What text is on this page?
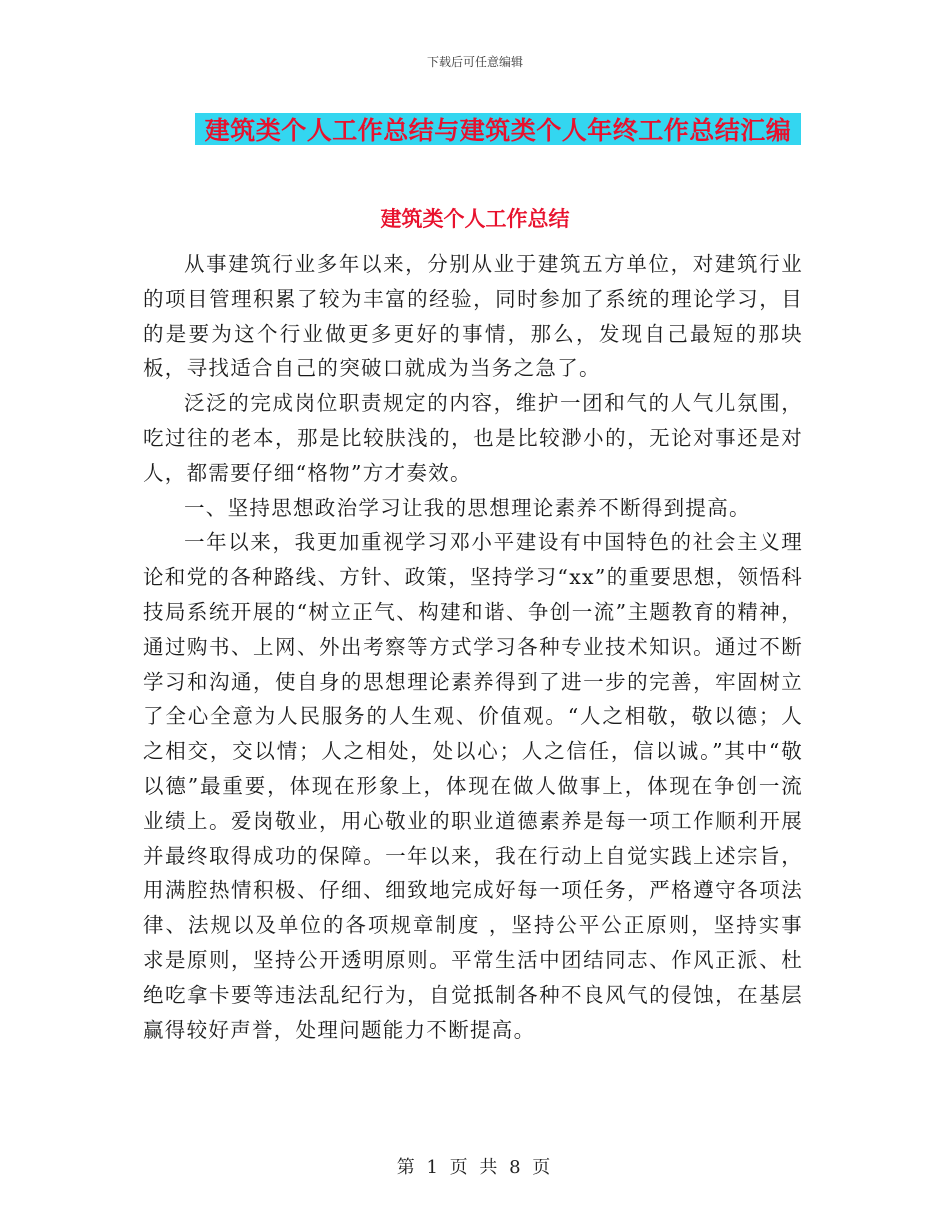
下载后可任意编辑
建筑类个人工作总结与建筑类个人年终工作总结汇编
建筑类个人工作总结

从事建筑行业多年以来，分别从业于建筑五方单位，对建筑行业的项目管理积累了较为丰富的经验，同时参加了系统的理论学习，目的是要为这个行业做更多更好的事情，那么，发现自己最短的那块板，寻找适合自己的突破口就成为当务之急了。

泛泛的完成岗位职责规定的内容，维护一团和气的人气儿氛围，吃过往的老本，那是比较肤浅的，也是比较渺小的，无论对事还是对人，都需要仔细“格物”方才奏效。

一、坚持思想政治学习让我的思想理论素养不断得到提高。

一年以来，我更加重视学习邓小平建设有中国特色的社会主义理论和党的各种路线、方针、政策，坚持学习“xx”的重要思想，领悟科技局系统开展的“树立正气、构建和谐、争创一流”主题教育的精神，通过购书、上网、外出考察等方式学习各种专业技术知识。通过不断学习和沟通，使自身的思想理论素养得到了进一步的完善，牢固树立了全心全意为人民服务的人生观、价值观。“人之相敬，敬以德；人之相交，交以情；人之相处，处以心；人之信任，信以诚。”其中“敬以德”最重要，体现在形象上，体现在做人做事上，体现在争创一流业绩上。爱岗敬业，用心敬业的职业道德素养是每一项工作顺利开展并最终取得成功的保障。一年以来，我在行动上自觉实践上述宗旨，用满腔热情积极、仔细、细致地完成好每一项任务，严格遵守各项法律、法规以及单位的各项规章制度 ，坚持公平公正原则，坚持实事求是原则，坚持公开透明原则。平常生活中团结同志、作风正派、杜绝吃拿卡要等违法乱纪行为，自觉抵制各种不良风气的侵蚀，在基层赢得较好声誉，处理问题能力不断提高。

第 1 页 共 8 页
